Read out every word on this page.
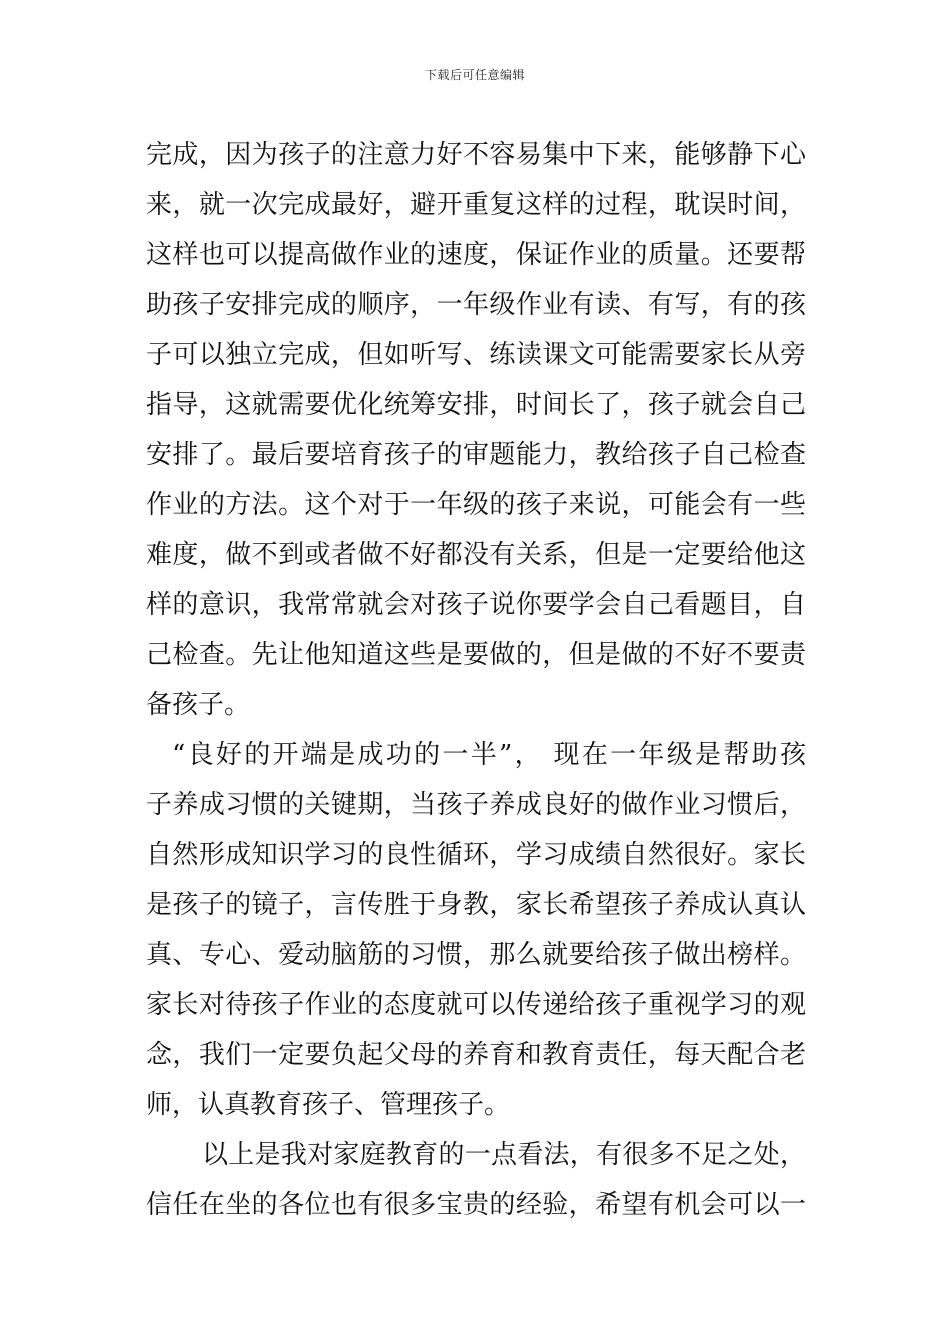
下载后可任意编辑

完成，因为孩子的注意力好不容易集中下来，能够静下心
来，就一次完成最好，避开重复这样的过程，耽误时间，
这样也可以提高做作业的速度，保证作业的质量。还要帮
助孩子安排完成的顺序，一年级作业有读、有写，有的孩
子可以独立完成，但如听写、练读课文可能需要家长从旁
指导，这就需要优化统筹安排，时间长了，孩子就会自己
安排了。最后要培育孩子的审题能力，教给孩子自己检查
作业的方法。这个对于一年级的孩子来说，可能会有一些
难度，做不到或者做不好都没有关系，但是一定要给他这
样的意识，我常常就会对孩子说你要学会自己看题目，自
己检查。先让他知道这些是要做的，但是做的不好不要责
备孩子。

“良好的开端是成功的一半”， 现在一年级是帮助孩
子养成习惯的关键期，当孩子养成良好的做作业习惯后，
自然形成知识学习的良性循环，学习成绩自然很好。家长
是孩子的镜子，言传胜于身教，家长希望孩子养成认真认
真、专心、爱动脑筋的习惯，那么就要给孩子做出榜样。
家长对待孩子作业的态度就可以传递给孩子重视学习的观
念，我们一定要负起父母的养育和教育责任，每天配合老
师，认真教育孩子、管理孩子。

以上是我对家庭教育的一点看法，有很多不足之处，
信任在坐的各位也有很多宝贵的经验，希望有机会可以一
